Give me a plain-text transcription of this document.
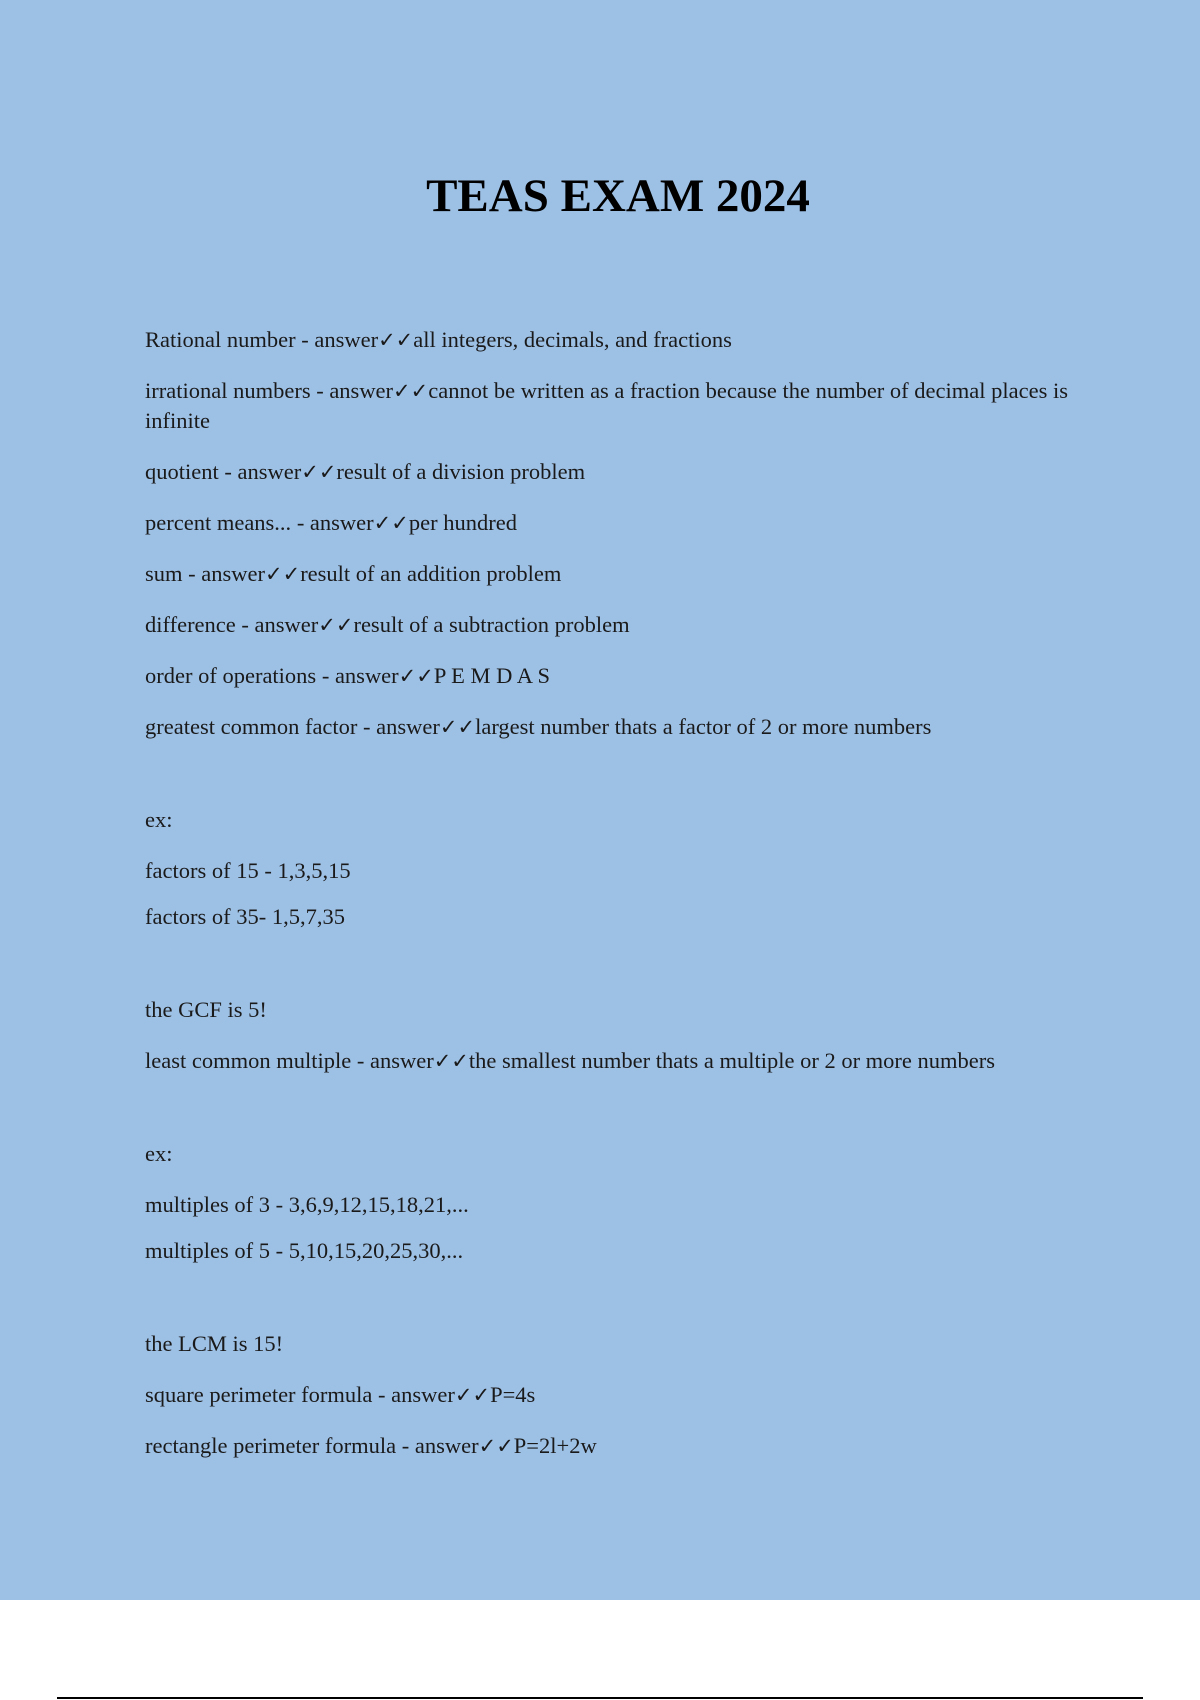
TEAS EXAM 2024

Rational number - answer✓✓all integers, decimals, and fractions

irrational numbers - answer✓✓cannot be written as a fraction because the number of decimal places is infinite

quotient - answer✓✓result of a division problem

percent means... - answer✓✓per hundred

sum - answer✓✓result of an addition problem

difference - answer✓✓result of a subtraction problem

order of operations - answer✓✓P E M D A S

greatest common factor - answer✓✓largest number thats a factor of 2 or more numbers

ex:

factors of 15 - 1,3,5,15

factors of 35- 1,5,7,35

the GCF is 5!

least common multiple - answer✓✓the smallest number thats a multiple or 2 or more numbers

ex:

multiples of 3 - 3,6,9,12,15,18,21,...

multiples of 5 - 5,10,15,20,25,30,...

the LCM is 15!

square perimeter formula - answer✓✓P=4s

rectangle perimeter formula - answer✓✓P=2l+2w
